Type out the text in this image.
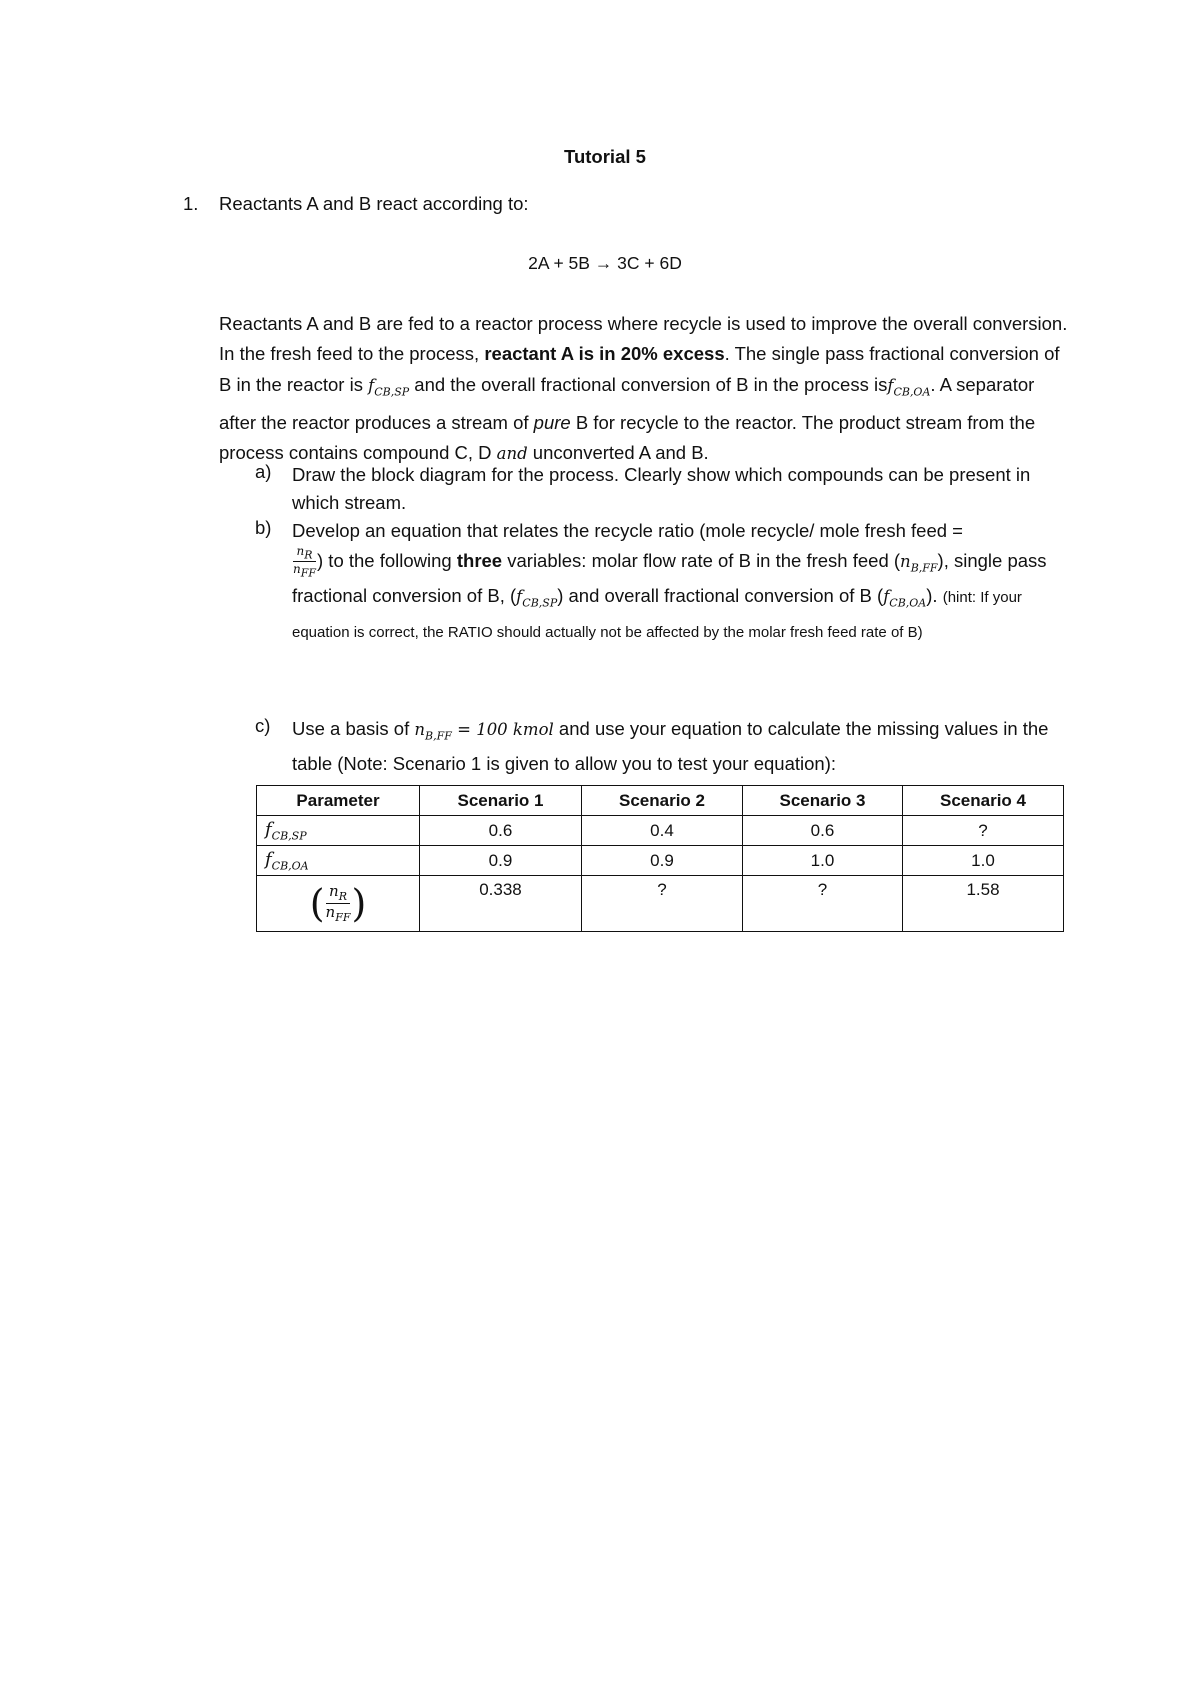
Tutorial 5
1. Reactants A and B react according to:
2A + 5B → 3C + 6D
Reactants A and B are fed to a reactor process where recycle is used to improve the overall conversion. In the fresh feed to the process, reactant A is in 20% excess. The single pass fractional conversion of B in the reactor is $f_{CB,SP}$ and the overall fractional conversion of B in the process isf$_{CB,OA}$. A separator after the reactor produces a stream of pure B for recycle to the reactor. The product stream from the process contains compound C, D and unconverted A and B.
a) Draw the block diagram for the process. Clearly show which compounds can be present in which stream.
b) Develop an equation that relates the recycle ratio (mole recycle/ mole fresh feed =

$\frac{n_R}{n_{FF}}$ ) to the following three variables: molar flow rate of B in the fresh feed $(n_{B,FF})$, single pass fractional conversion of B, $(f_{CB,SP})$ and overall fractional conversion of B $(f_{CB,OA})$. (hint: If your equation is correct, the RATIO should actually not be affected by the molar fresh feed rate of B)
c) Use a basis of $n_{B,FF} = 100$ kmol and use your equation to calculate the missing values in the table (Note: Scenario 1 is given to allow you to test your equation):
Parameter	Scenario 1	Scenario 2	Scenario 3	Scenario 4
$f_{CB,SP}$	0.6	0.4	0.6	?
$f_{CB,OA}$	0.9	0.9	1.0	1.0
( $\frac{n_R}{n_{FF}}$ )	0.338	?	?	1.58
